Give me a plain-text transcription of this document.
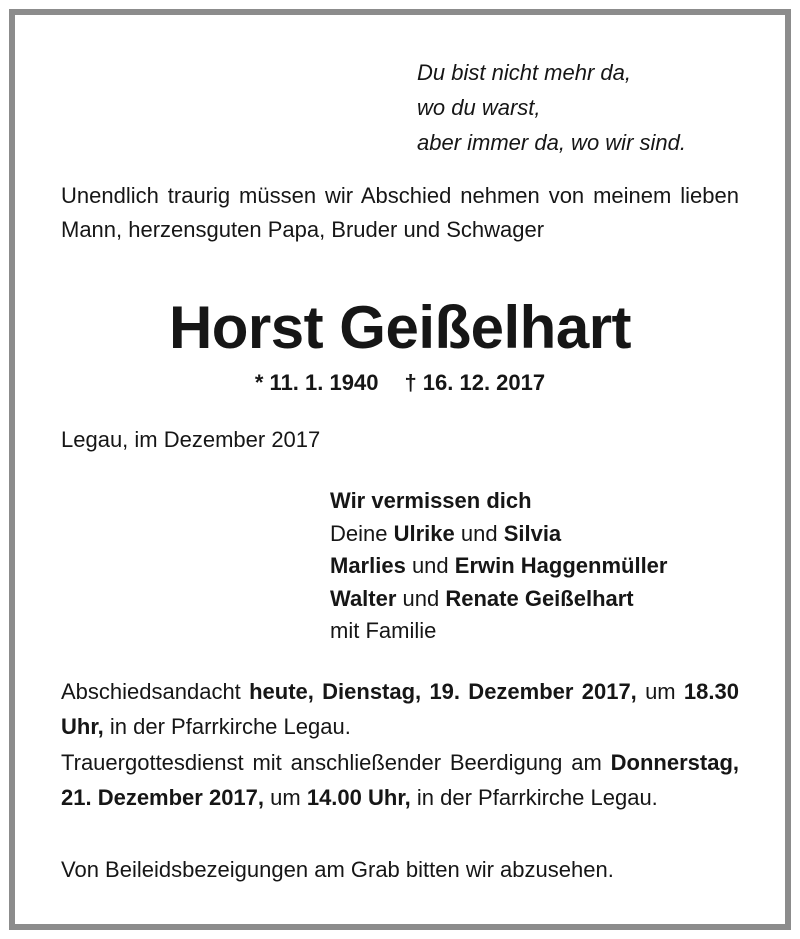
Du bist nicht mehr da,
wo du warst,
aber immer da, wo wir sind.
Unendlich traurig müssen wir Abschied nehmen von meinem lieben Mann, herzensguten Papa, Bruder und Schwager
Horst Geißelhart
* 11. 1. 1940 † 16. 12. 2017
Legau, im Dezember 2017
Wir vermissen dich
Deine Ulrike und Silvia
Marlies und Erwin Haggenmüller
Walter und Renate Geißelhart
mit Familie
Abschiedsandacht heute, Dienstag, 19. Dezember 2017, um 18.30 Uhr, in der Pfarrkirche Legau.
Trauergottesdienst mit anschließender Beerdigung am Donnerstag, 21. Dezember 2017, um 14.00 Uhr, in der Pfarrkirche Legau.
Von Beileidsbezeigungen am Grab bitten wir abzusehen.
